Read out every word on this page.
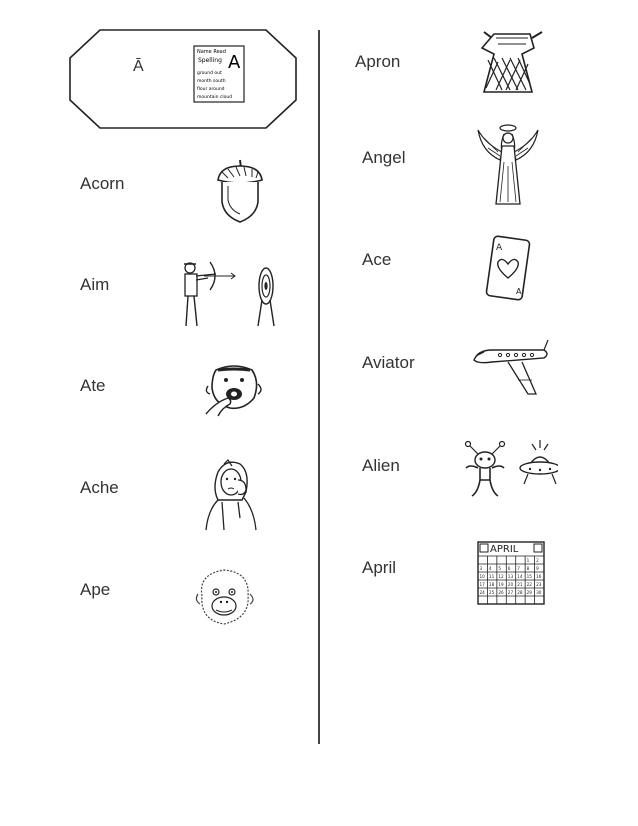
Ā
Name Read
Spelling A
ground out
month south
flour around
mountain cloud
Acorn
Aim
Ate
Ache
Ape
Apron
Angel
Ace
A
A
Aviator
Alien
April
APRIL
1 2
3 4 5 6 7 8 9
10 11 12 13 14 15 16
17 18 19 20 21 22 23
24 25 26 27 28 29 30
